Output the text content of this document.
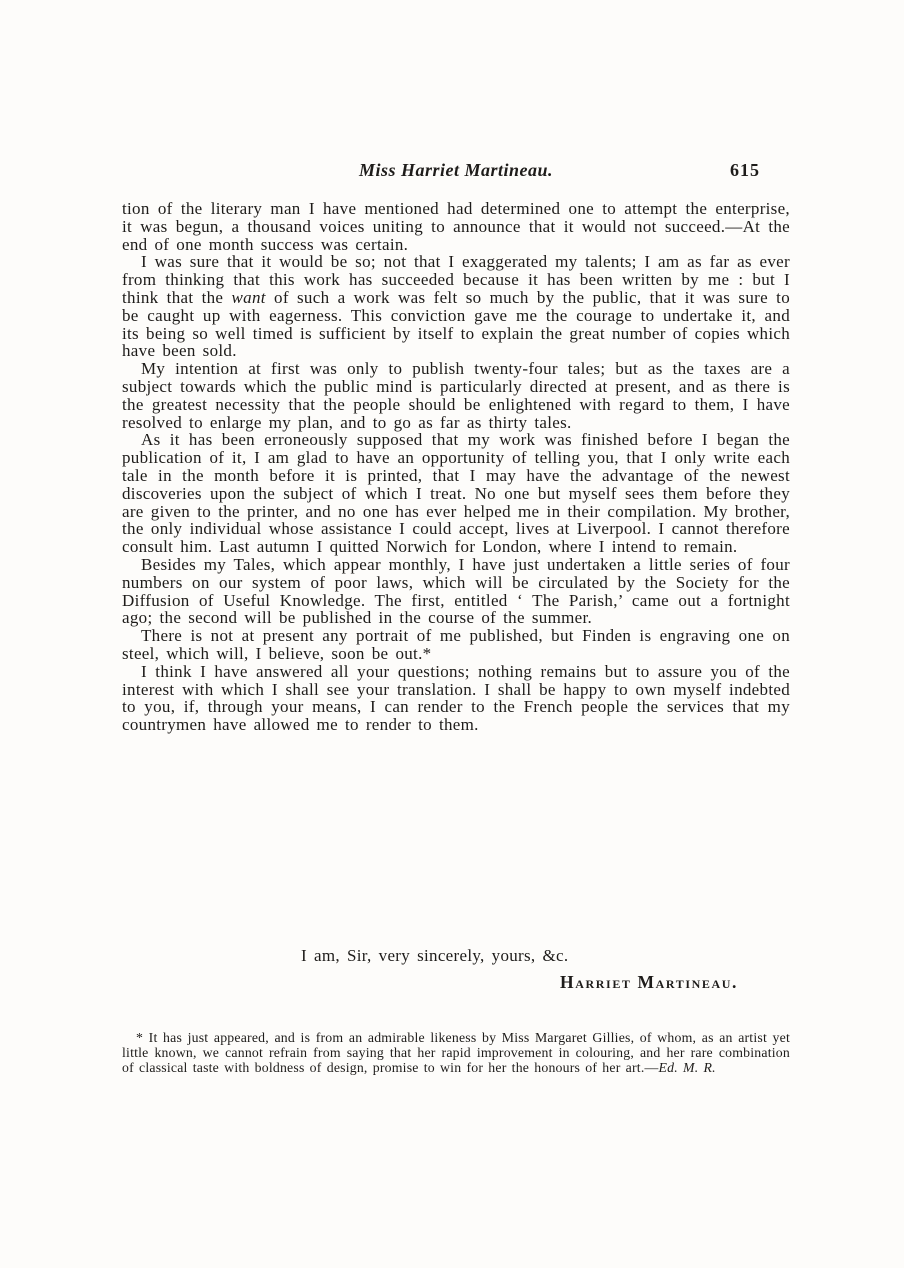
Miss Harriet Martineau.	615

tion of the literary man I have mentioned had determined one to attempt the enterprise, it was begun, a thousand voices uniting to announce that it would not succeed.—At the end of one month success was certain.

I was sure that it would be so; not that I exaggerated my talents; I am as far as ever from thinking that this work has succeeded because it has been written by me : but I think that the want of such a work was felt so much by the public, that it was sure to be caught up with eagerness. This conviction gave me the courage to undertake it, and its being so well timed is sufficient by itself to explain the great number of copies which have been sold.

My intention at first was only to publish twenty-four tales; but as the taxes are a subject towards which the public mind is particularly directed at present, and as there is the greatest necessity that the people should be enlightened with regard to them, I have resolved to enlarge my plan, and to go as far as thirty tales.

As it has been erroneously supposed that my work was finished before I began the publication of it, I am glad to have an opportunity of telling you, that I only write each tale in the month before it is printed, that I may have the advantage of the newest discoveries upon the subject of which I treat. No one but myself sees them before they are given to the printer, and no one has ever helped me in their compilation. My brother, the only individual whose assistance I could accept, lives at Liverpool. I cannot therefore consult him. Last autumn I quitted Norwich for London, where I intend to remain.

Besides my Tales, which appear monthly, I have just undertaken a little series of four numbers on our system of poor laws, which will be circulated by the Society for the Diffusion of Useful Knowledge. The first, entitled ‘ The Parish,’ came out a fortnight ago; the second will be published in the course of the summer.

There is not at present any portrait of me published, but Finden is engraving one on steel, which will, I believe, soon be out.*

I think I have answered all your questions; nothing remains but to assure you of the interest with which I shall see your translation. I shall be happy to own myself indebted to you, if, through your means, I can render to the French people the services that my countrymen have allowed me to render to them.

I am, Sir, very sincerely, yours, &c.

Harriet Martineau.

* It has just appeared, and is from an admirable likeness by Miss Margaret Gillies, of whom, as an artist yet little known, we cannot refrain from saying that her rapid improvement in colouring, and her rare combination of classical taste with boldness of design, promise to win for her the honours of her art.—Ed. M. R.
